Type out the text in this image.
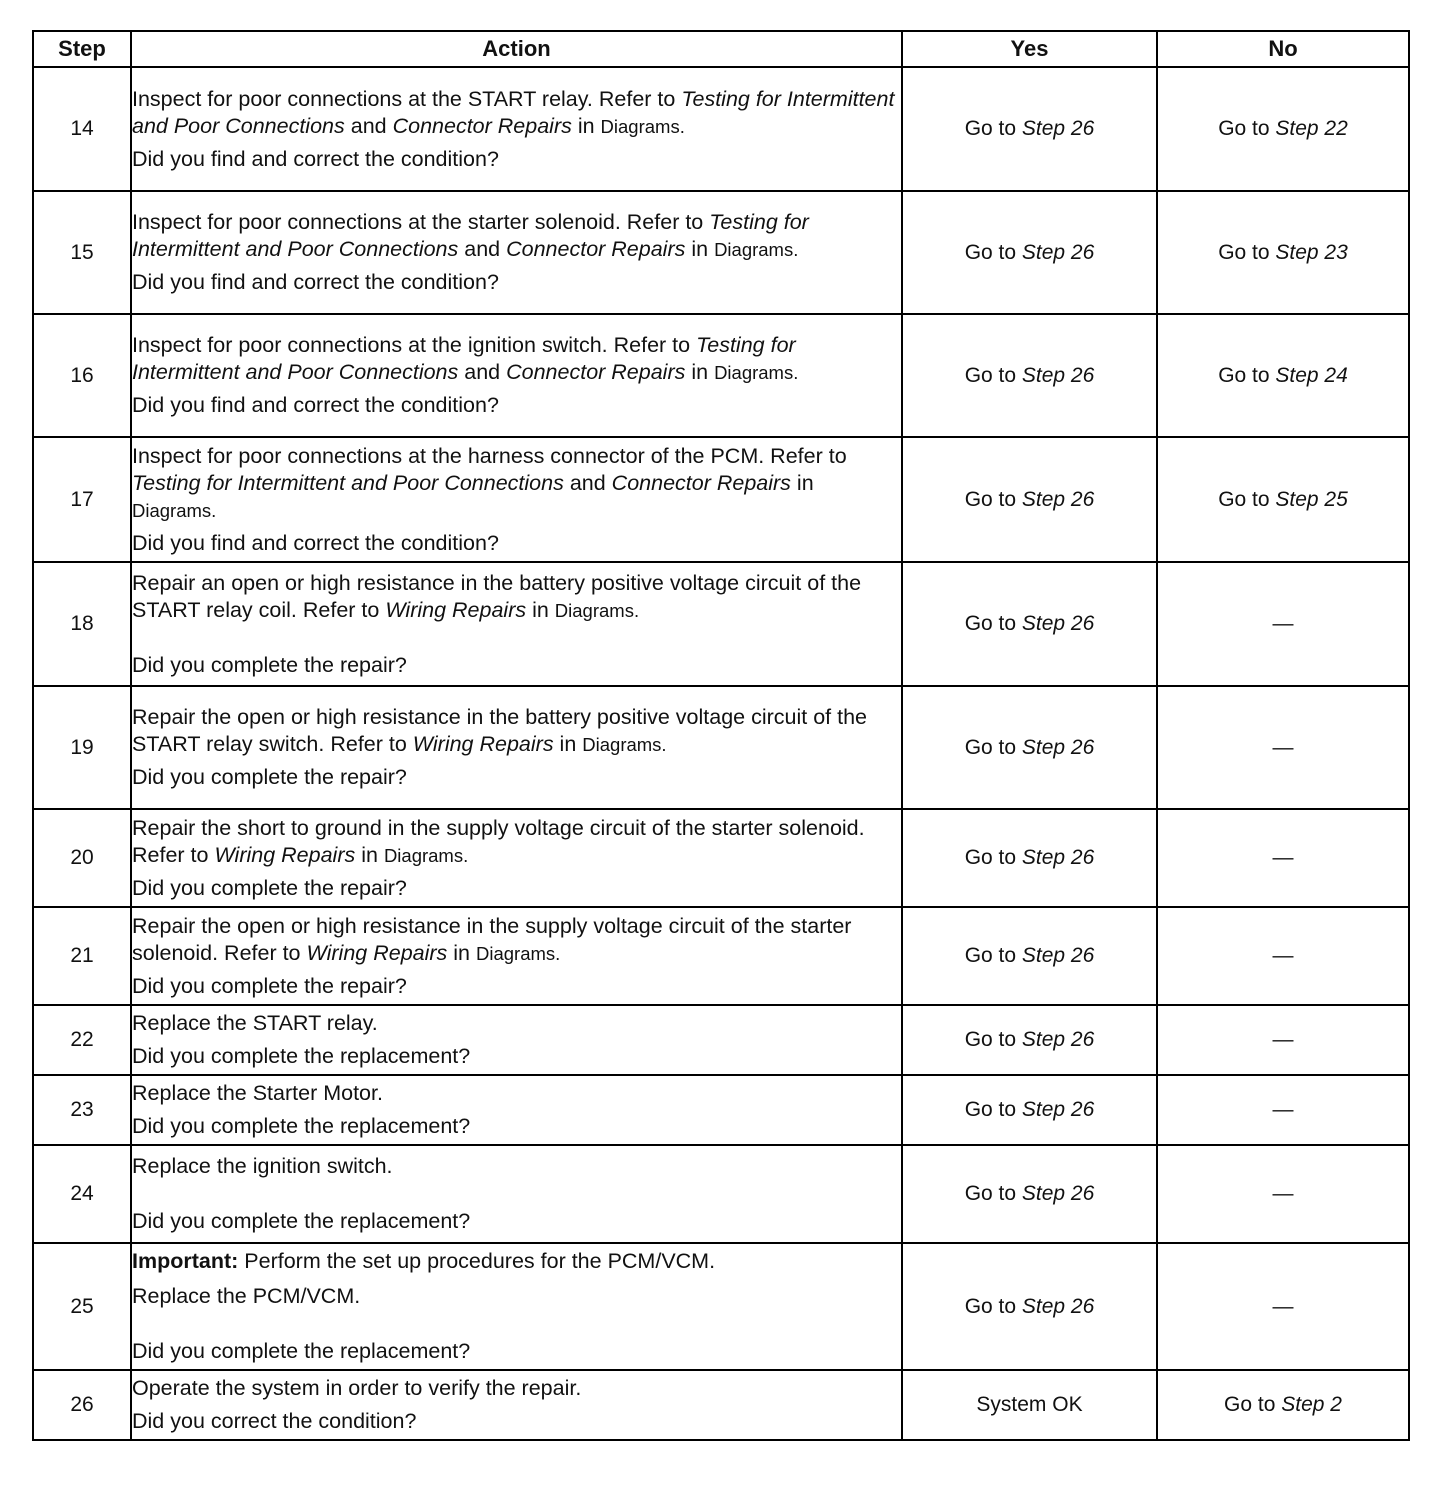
Step	Action	Yes	No
14	Inspect for poor connections at the START relay. Refer to Testing for Intermittent and Poor Connections and Connector Repairs in Diagrams.

Did you find and correct the condition?	Go to Step 26	Go to Step 22
15	Inspect for poor connections at the starter solenoid. Refer to Testing for Intermittent and Poor Connections and Connector Repairs in Diagrams.

Did you find and correct the condition?	Go to Step 26	Go to Step 23
16	Inspect for poor connections at the ignition switch. Refer to Testing for Intermittent and Poor Connections and Connector Repairs in Diagrams.

Did you find and correct the condition?	Go to Step 26	Go to Step 24
17	Inspect for poor connections at the harness connector of the PCM. Refer to Testing for Intermittent and Poor Connections and Connector Repairs in Diagrams.

Did you find and correct the condition?	Go to Step 26	Go to Step 25
18	Repair an open or high resistance in the battery positive voltage circuit of the START relay coil. Refer to Wiring Repairs in Diagrams.

Did you complete the repair?	Go to Step 26	—
19	Repair the open or high resistance in the battery positive voltage circuit of the START relay switch. Refer to Wiring Repairs in Diagrams.

Did you complete the repair?	Go to Step 26	—
20	Repair the short to ground in the supply voltage circuit of the starter solenoid. Refer to Wiring Repairs in Diagrams.

Did you complete the repair?	Go to Step 26	—
21	Repair the open or high resistance in the supply voltage circuit of the starter solenoid. Refer to Wiring Repairs in Diagrams.

Did you complete the repair?	Go to Step 26	—
22	Replace the START relay.

Did you complete the replacement?	Go to Step 26	—
23	Replace the Starter Motor.

Did you complete the replacement?	Go to Step 26	—
24	Replace the ignition switch.

Did you complete the replacement?	Go to Step 26	—
25	Important: Perform the set up procedures for the PCM/VCM.

Replace the PCM/VCM.

Did you complete the replacement?	Go to Step 26	—
26	Operate the system in order to verify the repair.

Did you correct the condition?	System OK	Go to Step 2
